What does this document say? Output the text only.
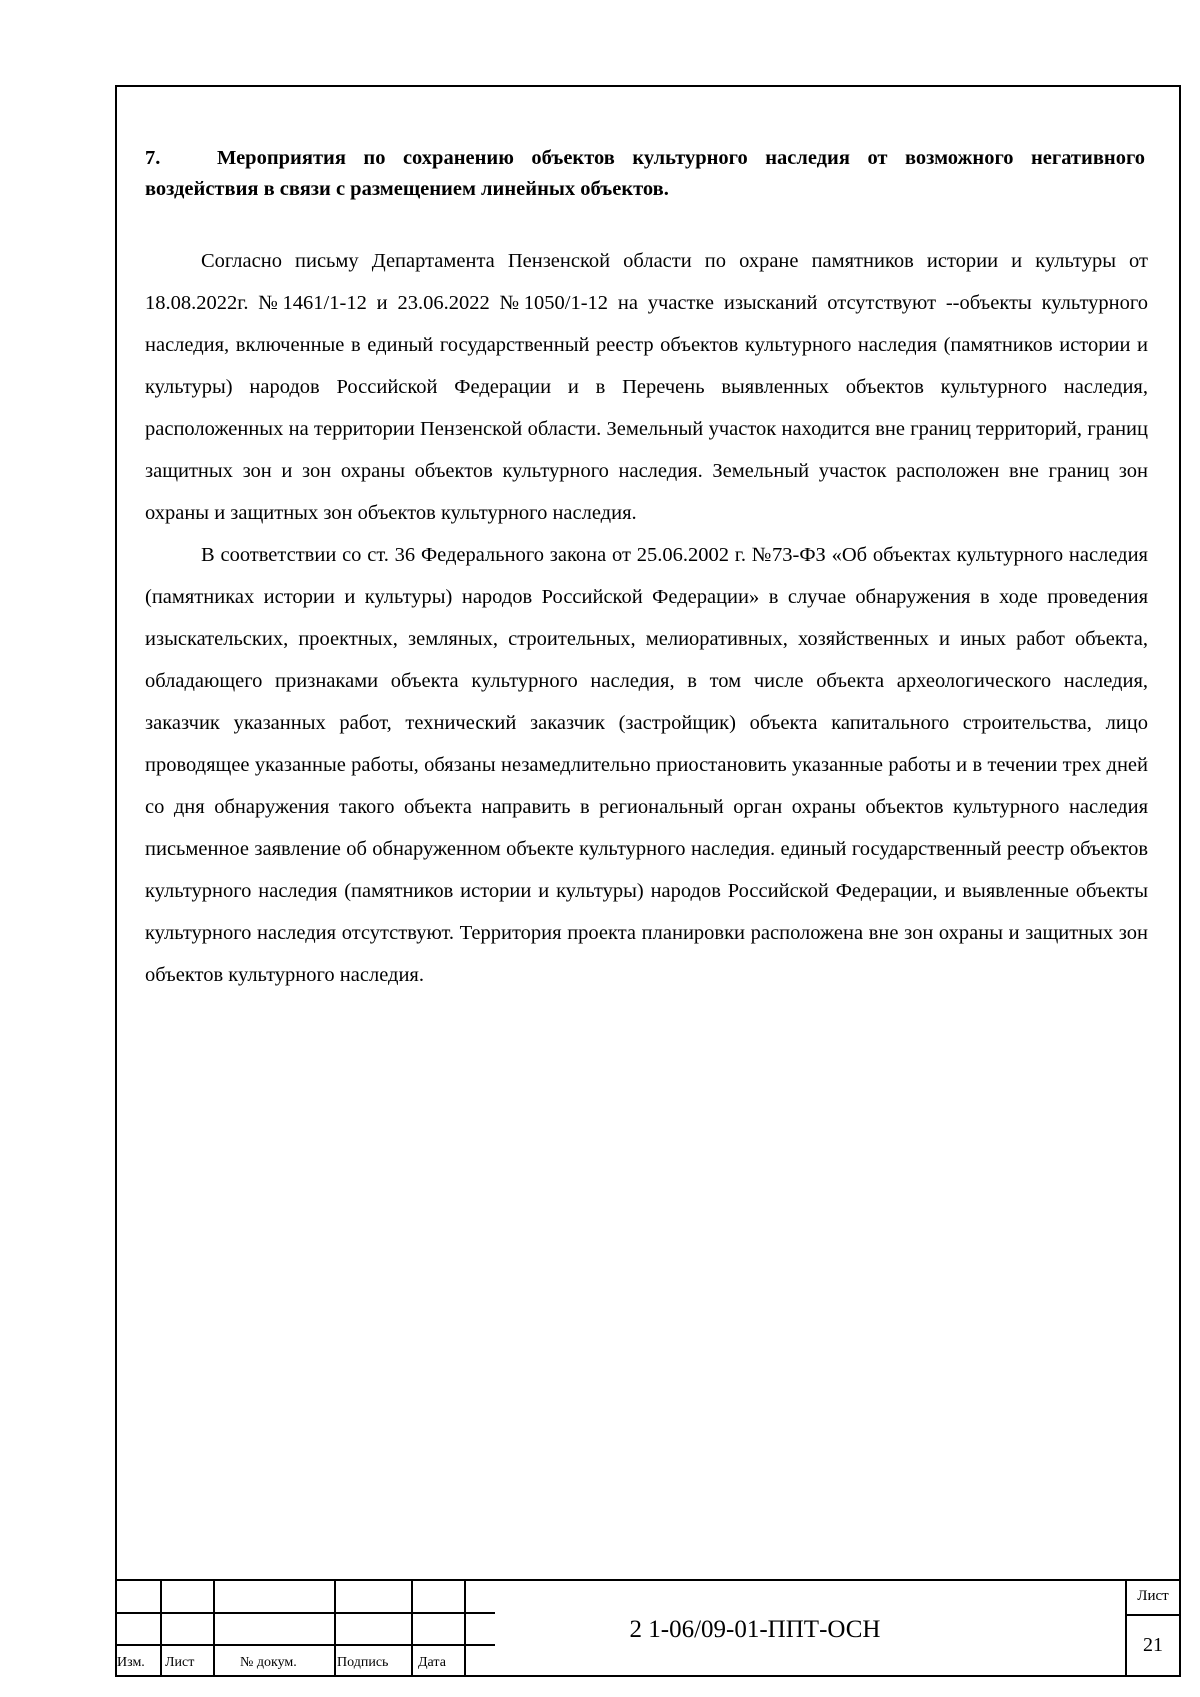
7.	Мероприятия по сохранению объектов культурного наследия от возможного негативного воздействия в связи с размещением линейных объектов.

Согласно письму Департамента Пензенской области по охране памятников истории и культуры от 18.08.2022г. №1461/1-12 и 23.06.2022 №1050/1-12 на участке изысканий отсутствуют --объекты культурного наследия, включенные в единый государственный реестр объектов культурного наследия (памятников истории и культуры) народов Российской Федерации и в Перечень выявленных объектов культурного наследия, расположенных на территории Пензенской области. Земельный участок находится вне границ территорий, границ защитных зон и зон охраны объектов культурного наследия. Земельный участок расположен вне границ зон охраны и защитных зон объектов культурного наследия.

В соответствии со ст. 36 Федерального закона от 25.06.2002 г. №73-ФЗ «Об объектах культурного наследия (памятниках истории и культуры) народов Российской Федерации» в случае обнаружения в ходе проведения изыскательских, проектных, земляных, строительных, мелиоративных, хозяйственных и иных работ объекта, обладающего признаками объекта культурного наследия, в том числе объекта археологического наследия, заказчик указанных работ, технический заказчик (застройщик) объекта капитального строительства, лицо проводящее указанные работы, обязаны незамедлительно приостановить указанные работы и в течении трех дней со дня обнаружения такого объекта направить в региональный орган охраны объектов культурного наследия письменное заявление об обнаруженном объекте культурного наследия. единый государственный реестр объектов культурного наследия (памятников истории и культуры) народов Российской Федерации, и выявленные объекты культурного наследия отсутствуют. Территория проекта планировки расположена вне зон охраны и защитных зон объектов культурного наследия.

Изм. Лист	№ докум.	Подпись Дата
2 1-06/09-01-ППТ-ОСН
Лист
21
